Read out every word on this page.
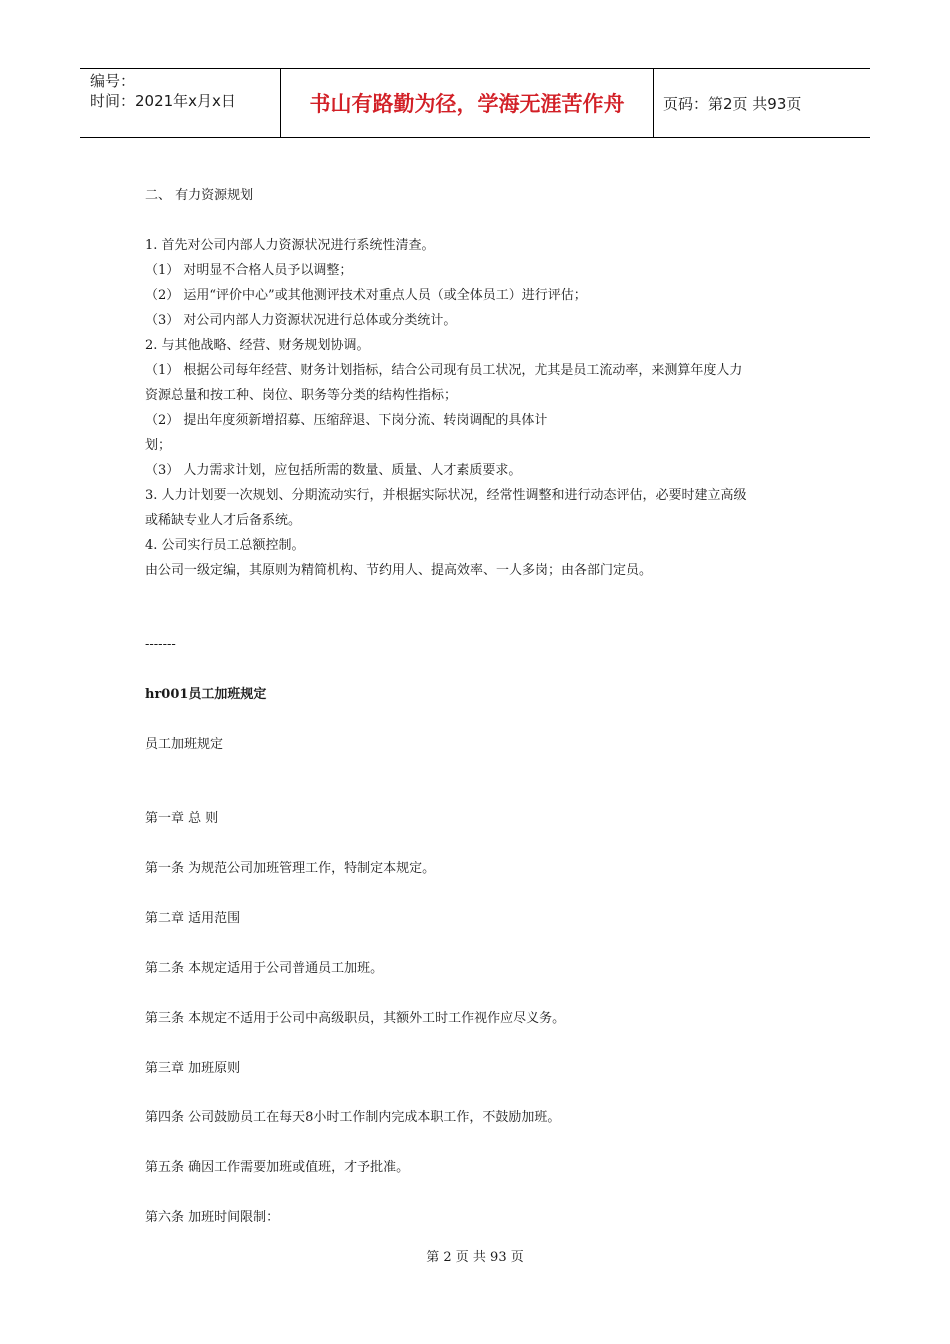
编号：
时间：2021年x月x日	书山有路勤为径，学海无涯苦作舟	页码：第2页 共93页
二、 有力资源规划
1. 首先对公司内部人力资源状况进行系统性清查。
（1） 对明显不合格人员予以调整；
（2） 运用“评价中心”或其他测评技术对重点人员（或全体员工）进行评估；
（3） 对公司内部人力资源状况进行总体或分类统计。
2. 与其他战略、经营、财务规划协调。
（1） 根据公司每年经营、财务计划指标，结合公司现有员工状况，尤其是员工流动率，来测算年度人力
资源总量和按工种、岗位、职务等分类的结构性指标；
（2） 提出年度须新增招募、压缩辞退、下岗分流、转岗调配的具体计
划；
（3） 人力需求计划，应包括所需的数量、质量、人才素质要求。
3. 人力计划要一次规划、分期流动实行，并根据实际状况，经常性调整和进行动态评估，必要时建立高级
或稀缺专业人才后备系统。
4. 公司实行员工总额控制。
由公司一级定编，其原则为精简机构、节约用人、提高效率、一人多岗；由各部门定员。
-------
hr001员工加班规定
员工加班规定
第一章 总 则
第一条 为规范公司加班管理工作，特制定本规定。
第二章 适用范围
第二条 本规定适用于公司普通员工加班。
第三条 本规定不适用于公司中高级职员，其额外工时工作视作应尽义务。
第三章 加班原则
第四条 公司鼓励员工在每天8小时工作制内完成本职工作，不鼓励加班。
第五条 确因工作需要加班或值班，才予批准。
第六条 加班时间限制：
第 2 页 共 93 页
